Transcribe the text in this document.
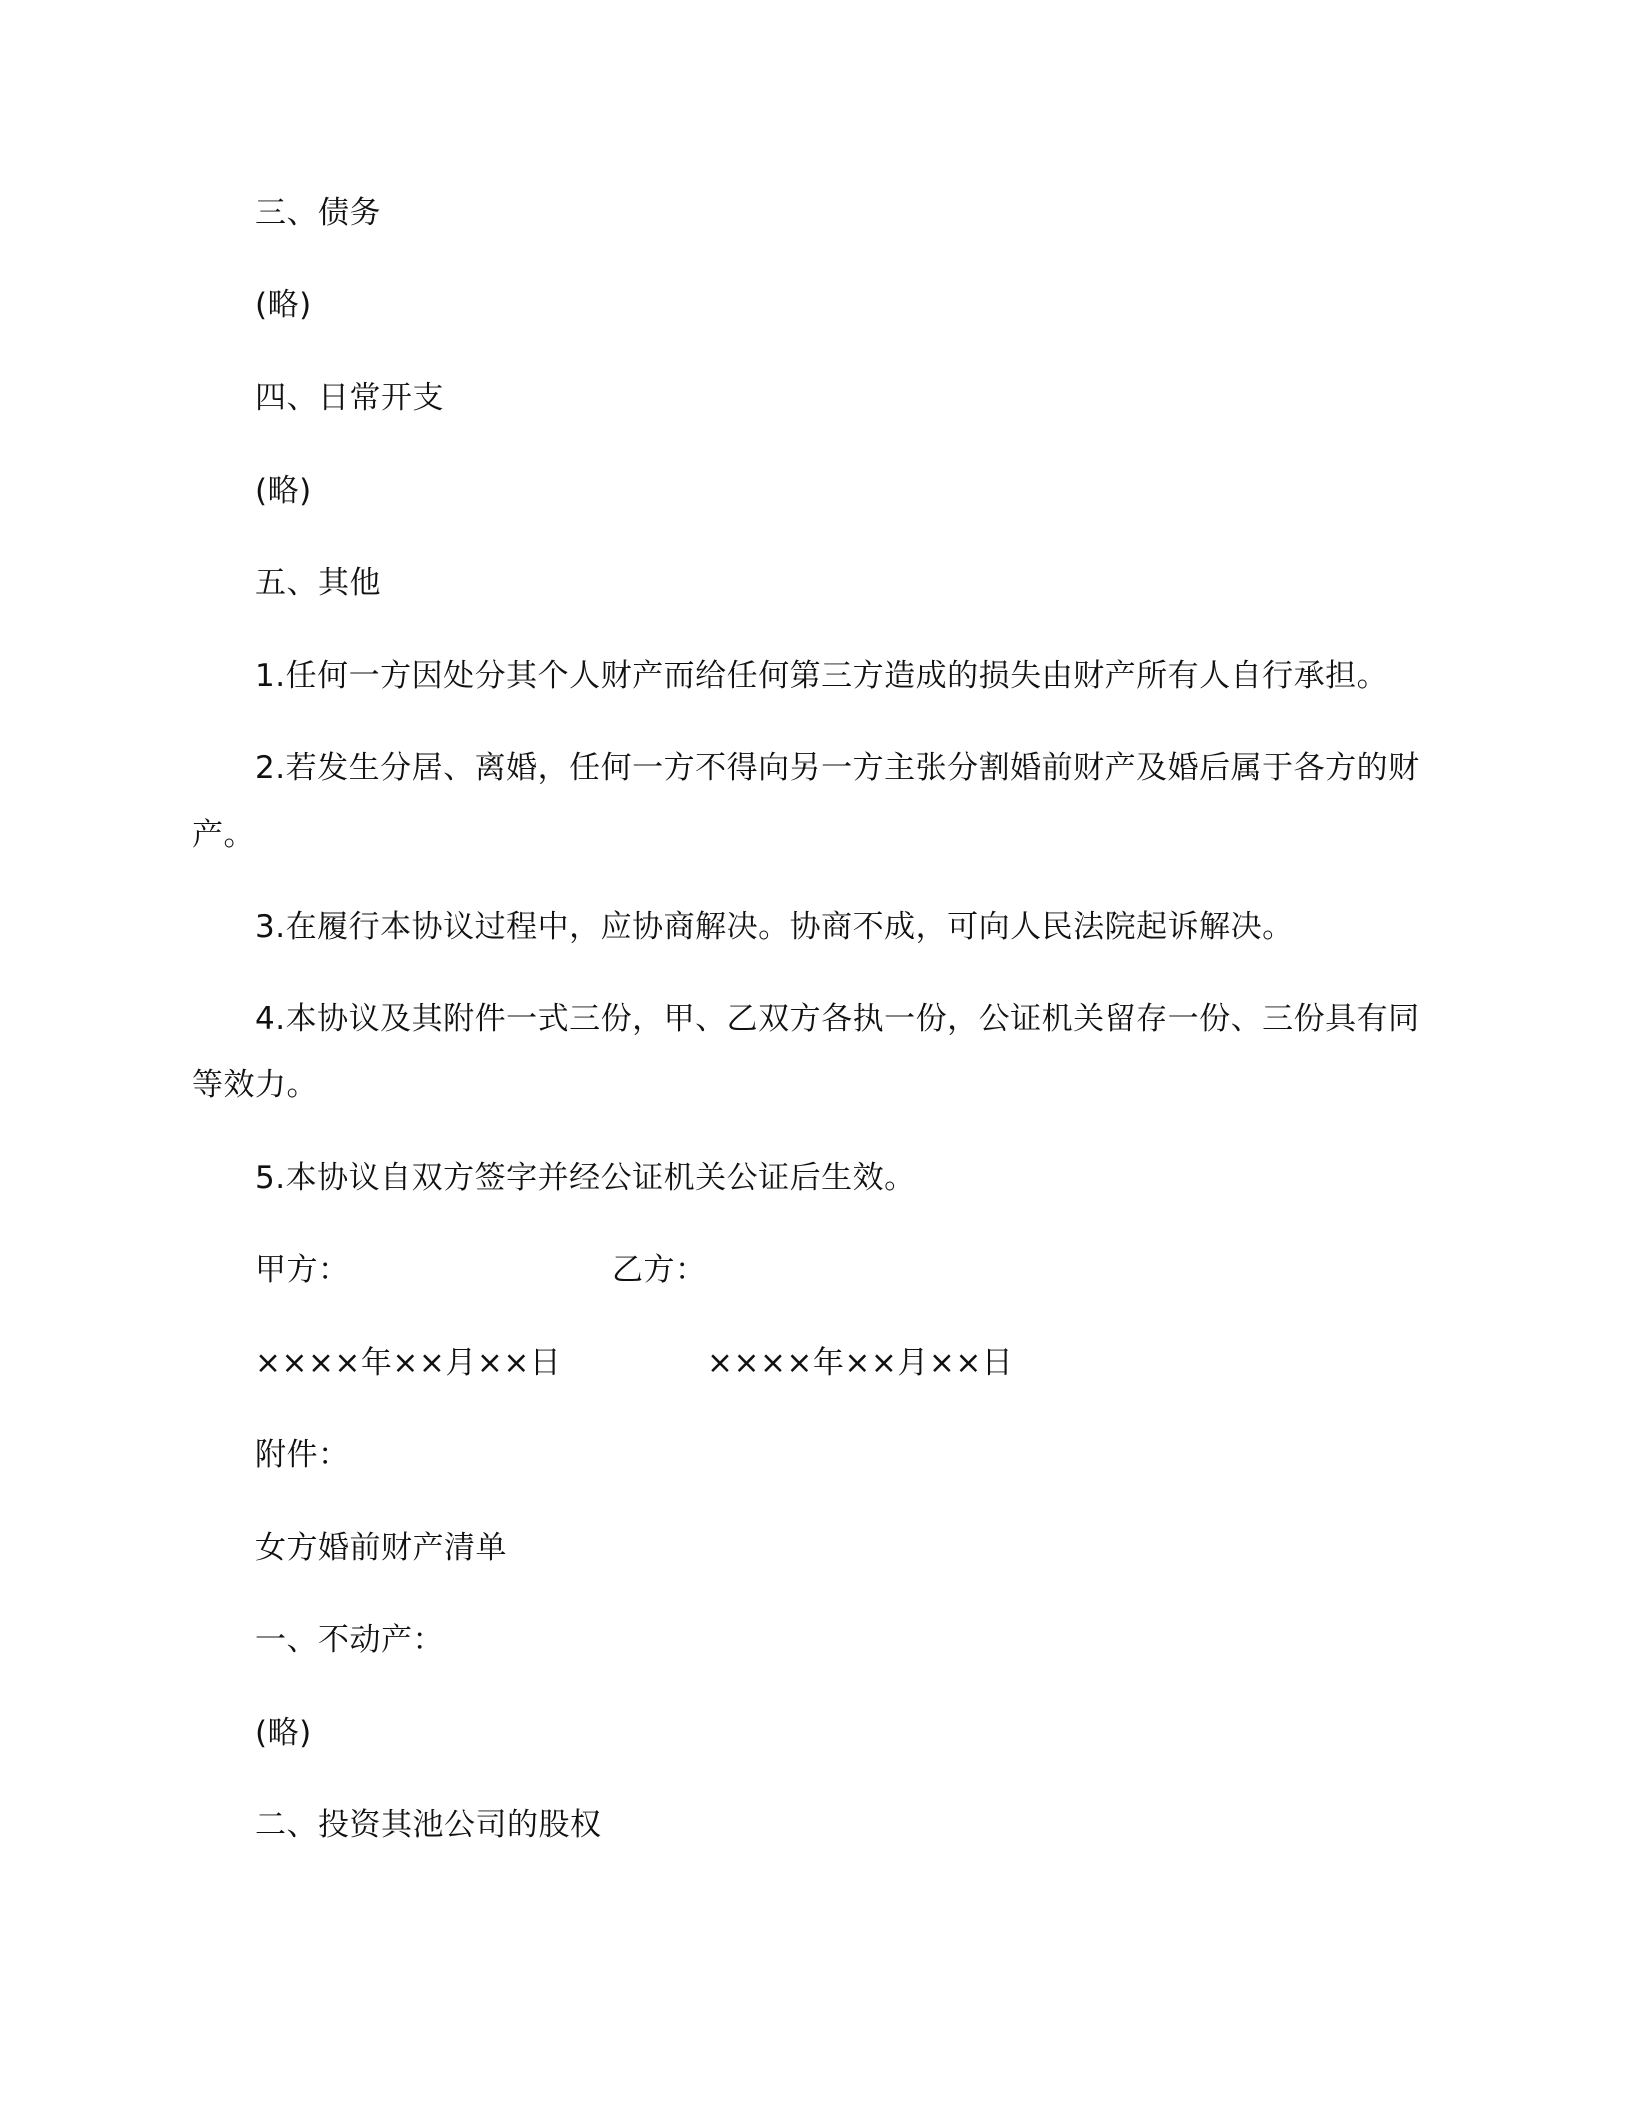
三、债务
(略)
四、日常开支
(略)
五、其他
1.任何一方因处分其个人财产而给任何第三方造成的损失由财产所有人自行承担。
2.若发生分居、离婚，任何一方不得向另一方主张分割婚前财产及婚后属于各方的财
产。
3.在履行本协议过程中，应协商解决。协商不成，可向人民法院起诉解决。
4.本协议及其附件一式三份，甲、乙双方各执一份，公证机关留存一份、三份具有同
等效力。
5.本协议自双方签字并经公证机关公证后生效。
甲方：	乙方：
××××年××月××日	××××年××月××日
附件：
女方婚前财产清单
一、不动产：
(略)
二、投资其池公司的股权
